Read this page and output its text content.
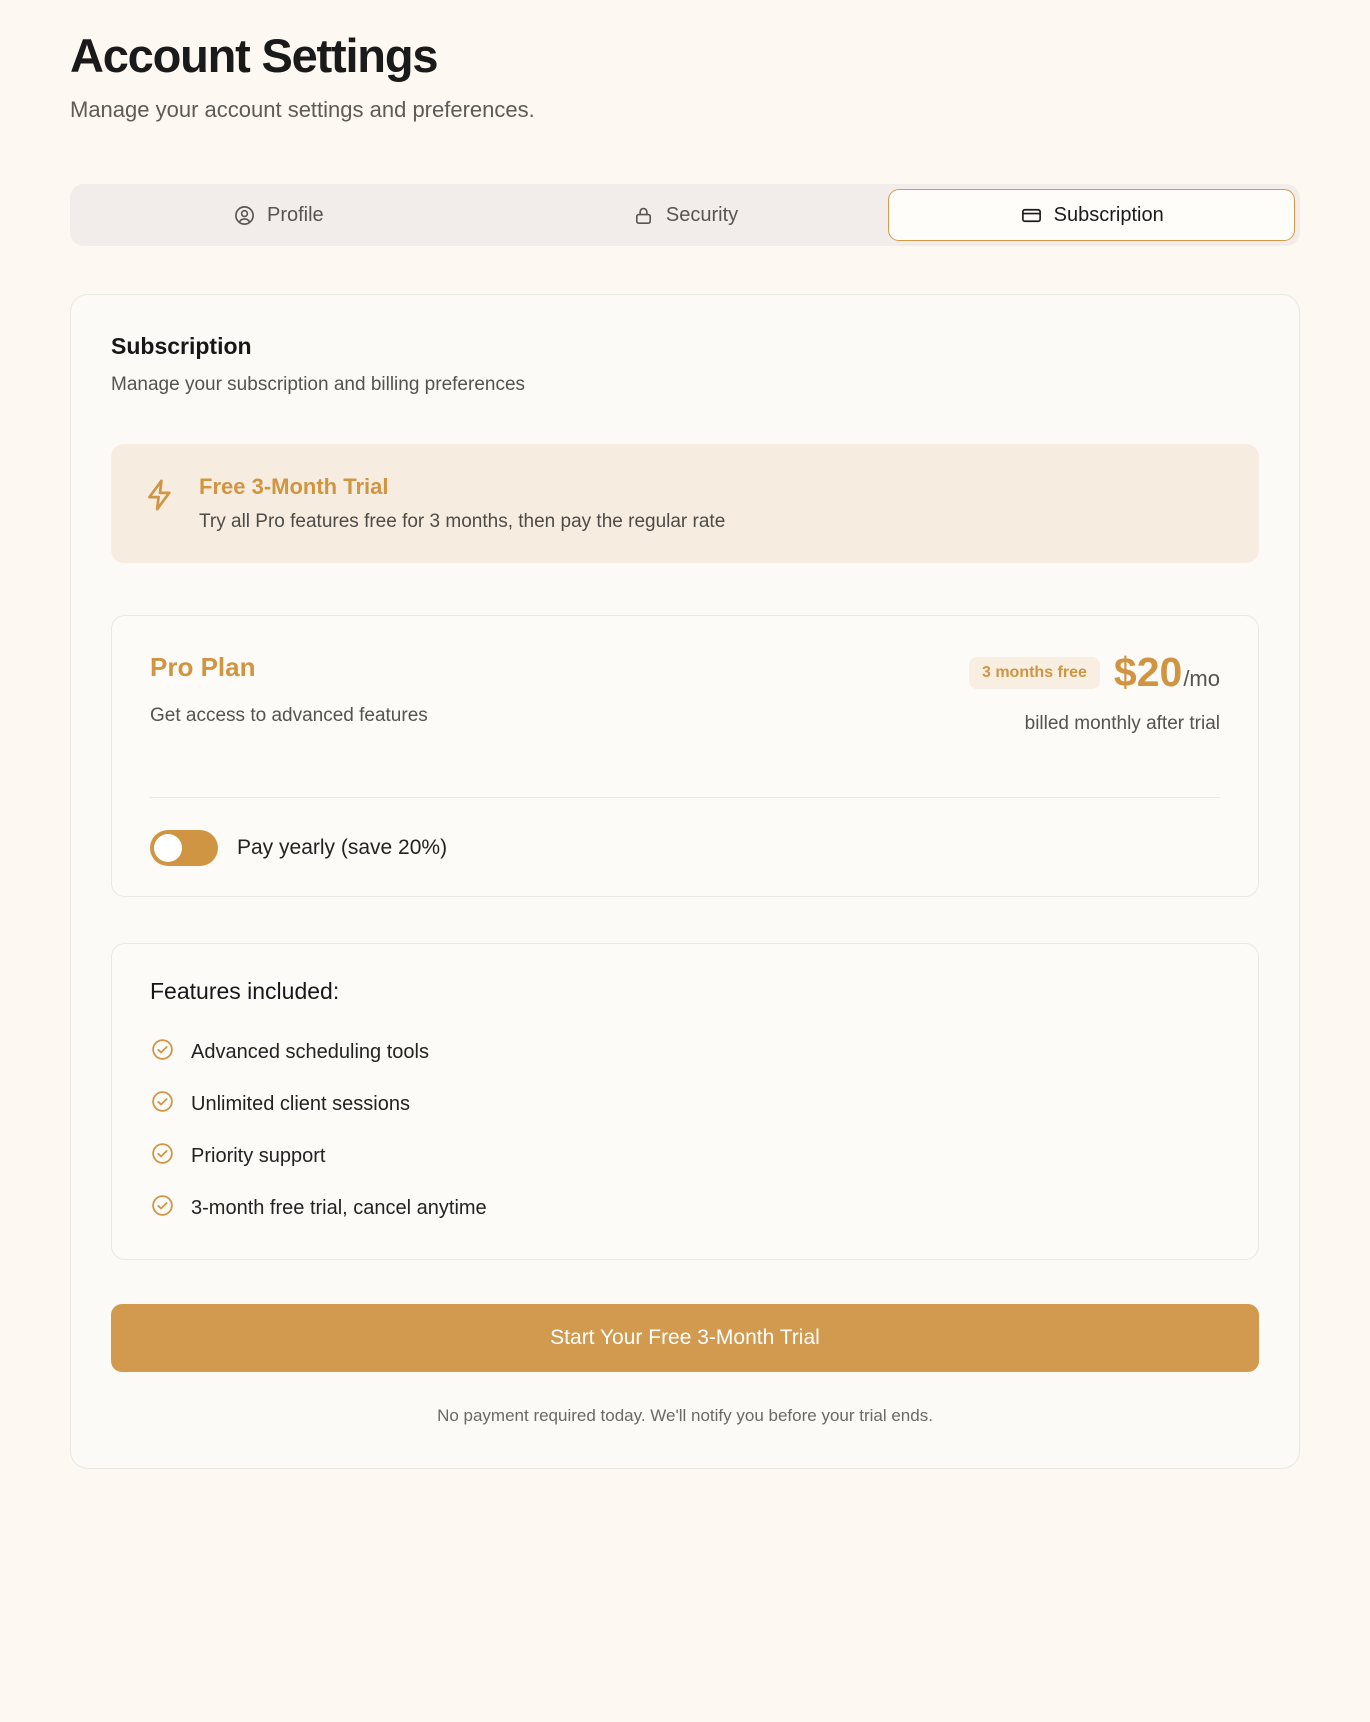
Account Settings

Manage your account settings and preferences.

Profile	Security	Subscription
Subscription

Manage your subscription and billing preferences

Free 3-Month Trial

Try all Pro features free for 3 months, then pay the regular rate

Pro Plan

Get access to advanced features

3 months free $20/mo
billed monthly after trial
Pay yearly (save 20%)

Features included:

Advanced scheduling tools
Unlimited client sessions
Priority support
3-month free trial, cancel anytime
Start Your Free 3-Month Trial

No payment required today. We'll notify you before your trial ends.
